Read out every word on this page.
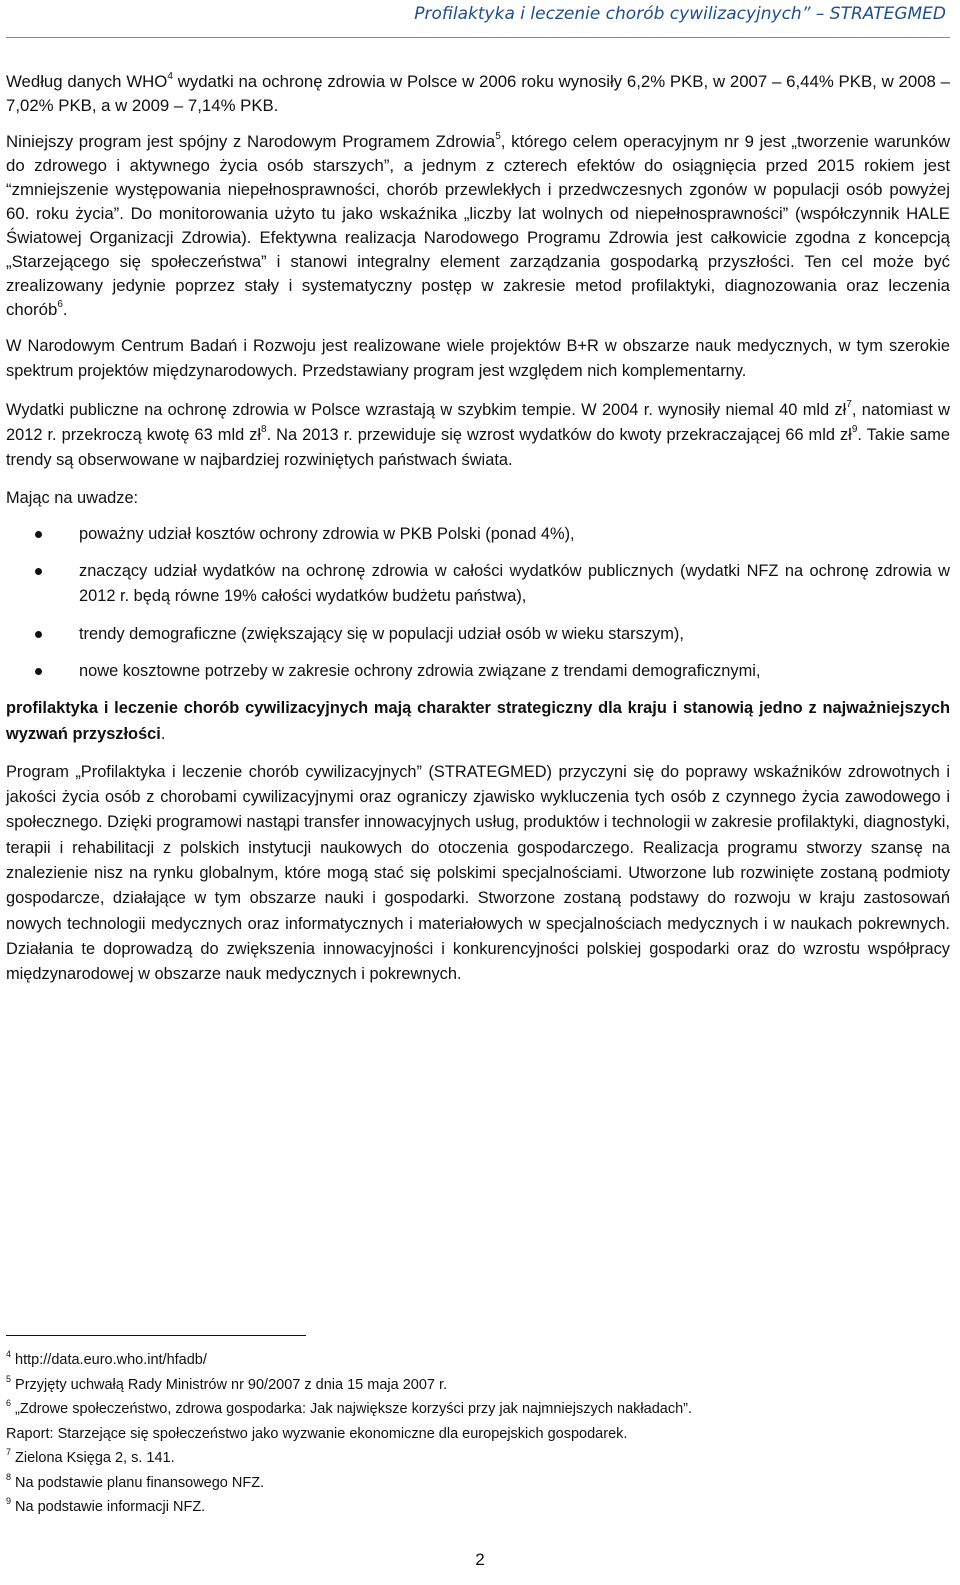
Profilaktyka i leczenie chorób cywilizacyjnych” – STRATEGMED

Według danych WHO$^4$ wydatki na ochronę zdrowia w Polsce w 2006 roku wynosiły 6,2% PKB, w 2007 – 6,44% PKB, w 2008 – 7,02% PKB, a w 2009 – 7,14% PKB.

Niniejszy program jest spójny z Narodowym Programem Zdrowia$^5$, którego celem operacyjnym nr 9 jest „tworzenie warunków do zdrowego i aktywnego życia osób starszych”, a jednym z czterech efektów do osiągnięcia przed 2015 rokiem jest “zmniejszenie występowania niepełnosprawności, chorób przewlekłych i przedwczesnych zgonów w populacji osób powyżej 60. roku życia”. Do monitorowania użyto tu jako wskaźnika „liczby lat wolnych od niepełnosprawności” (współczynnik HALE Światowej Organizacji Zdrowia). Efektywna realizacja Narodowego Programu Zdrowia jest całkowicie zgodna z koncepcją „Starzejącego się społeczeństwa” i stanowi integralny element zarządzania gospodarką przyszłości. Ten cel może być zrealizowany jedynie poprzez stały i systematyczny postęp w zakresie metod profilaktyki, diagnozowania oraz leczenia chorób$^6$.

W Narodowym Centrum Badań i Rozwoju jest realizowane wiele projektów B+R w obszarze nauk medycznych, w tym szerokie spektrum projektów międzynarodowych. Przedstawiany program jest względem nich komplementarny.

Wydatki publiczne na ochronę zdrowia w Polsce wzrastają w szybkim tempie. W 2004 r. wynosiły niemal 40 mld $zł^7$, natomiast w 2012 r. przekroczą kwotę 63 mld $zł^8$. Na 2013 r. przewiduje się wzrost wydatków do kwoty przekraczającej 66 mld $zł^9$. Takie same trendy są obserwowane w najbardziej rozwiniętych państwach świata.

Mając na uwadze:

poważny udział kosztów ochrony zdrowia w PKB Polski (ponad 4%),
znaczący udział wydatków na ochronę zdrowia w całości wydatków publicznych (wydatki NFZ na ochronę zdrowia w 2012 r. będą równe 19% całości wydatków budżetu państwa),
trendy demograficzne (zwiększający się w populacji udział osób w wieku starszym),
nowe kosztowne potrzeby w zakresie ochrony zdrowia związane z trendami demograficznymi,

profilaktyka i leczenie chorób cywilizacyjnych mają charakter strategiczny dla kraju i stanowią jedno z najważniejszych wyzwań przyszłości.

Program „Profilaktyka i leczenie chorób cywilizacyjnych” (STRATEGMED) przyczyni się do poprawy wskaźników zdrowotnych i jakości życia osób z chorobami cywilizacyjnymi oraz ograniczy zjawisko wykluczenia tych osób z czynnego życia zawodowego i społecznego. Dzięki programowi nastąpi transfer innowacyjnych usług, produktów i technologii w zakresie profilaktyki, diagnostyki, terapii i rehabilitacji z polskich instytucji naukowych do otoczenia gospodarczego. Realizacja programu stworzy szansę na znalezienie nisz na rynku globalnym, które mogą stać się polskimi specjalnościami. Utworzone lub rozwinięte zostaną podmioty gospodarcze, działające w tym obszarze nauki i gospodarki. Stworzone zostaną podstawy do rozwoju w kraju zastosowań nowych technologii medycznych oraz informatycznych i materiałowych w specjalnościach medycznych i w naukach pokrewnych. Działania te doprowadzą do zwiększenia innowacyjności i konkurencyjności polskiej gospodarki oraz do wzrostu współpracy międzynarodowej w obszarze nauk medycznych i pokrewnych.

$^4$ http://data.euro.who.int/hfadb/
$^5$ Przyjęty uchwałą Rady Ministrów nr 90/2007 z dnia 15 maja 2007 r.
$^6$ „Zdrowe społeczeństwo, zdrowa gospodarka: Jak największe korzyści przy jak najmniejszych nakładach”.
Raport: Starzejące się społeczeństwo jako wyzwanie ekonomiczne dla europejskich gospodarek.
$^7$ Zielona Księga 2, s. 141.
$^8$ Na podstawie planu finansowego NFZ.
$^9$ Na podstawie informacji NFZ.
2
